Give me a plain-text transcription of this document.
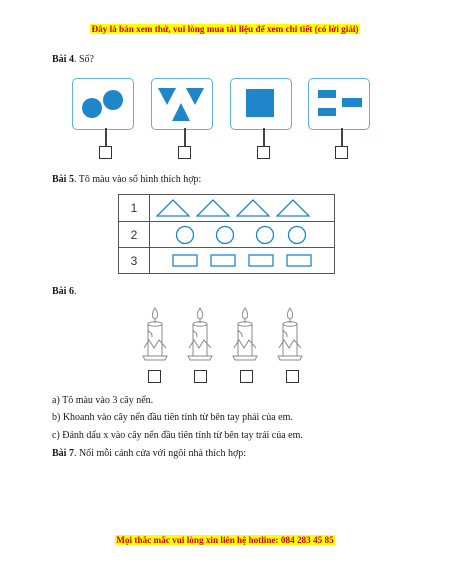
Đây là bản xem thử, vui lòng mua tài liệu để xem chi tiết (có lời giải)
Bài 4. Số?
Bài 5. Tô màu vào số hình thích hợp:
1
2
3
Bài 6.
a) Tô màu vào 3 cây nến.
b) Khoanh vào cây nến đầu tiên tính từ bên tay phải của em.
c) Đánh dấu x vào cây nến đầu tiên tính từ bên tay trái của em.
Bài 7. Nối mỗi cánh cửa với ngôi nhà thích hợp:
Mọi thắc mắc vui lòng xin liên hệ hotline: 084 283 45 85
